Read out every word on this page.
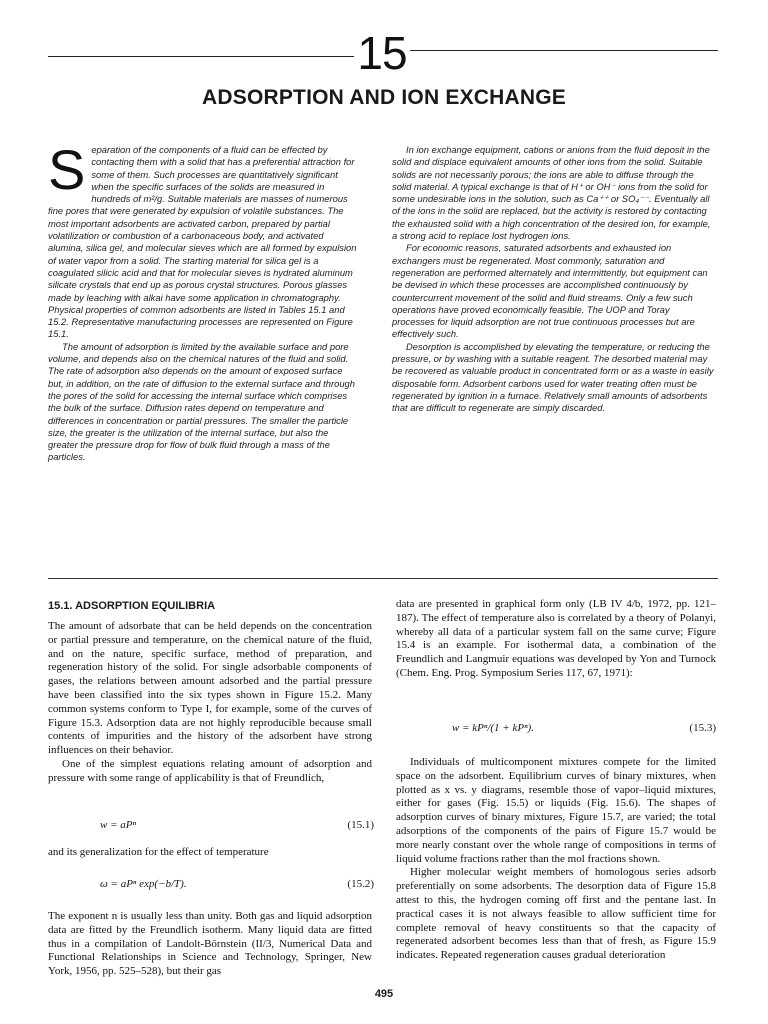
15
ADSORPTION AND ION EXCHANGE

Separation of the components of a fluid can be effected by contacting them with a solid that has a preferential attraction for some of them. Such processes are quantitatively significant when the specific surfaces of the solids are measured in hundreds of m²/g. Suitable materials are masses of numerous fine pores that were generated by expulsion of volatile substances. The most important adsorbents are activated carbon, prepared by partial volatilization or combustion of a carbonaceous body, and activated alumina, silica gel, and molecular sieves which are all formed by expulsion of water vapor from a solid. The starting material for silica gel is a coagulated silicic acid and that for molecular sieves is hydrated aluminum silicate crystals that end up as porous crystal structures. Porous glasses made by leaching with alkai have some application in chromatography. Physical properties of common adsorbents are listed in Tables 15.1 and 15.2. Representative manufacturing processes are represented on Figure 15.1.

The amount of adsorption is limited by the available surface and pore volume, and depends also on the chemical natures of the fluid and solid. The rate of adsorption also depends on the amount of exposed surface but, in addition, on the rate of diffusion to the external surface and through the pores of the solid for accessing the internal surface which comprises the bulk of the surface. Diffusion rates depend on temperature and differences in concentration or partial pressures. The smaller the particle size, the greater is the utilization of the internal surface, but also the greater the pressure drop for flow of bulk fluid through a mass of the particles.

In ion exchange equipment, cations or anions from the fluid deposit in the solid and displace equivalent amounts of other ions from the solid. Suitable solids are not necessarily porous; the ions are able to diffuse through the solid material. A typical exchange is that of H⁺ or OH⁻ ions from the solid for some undesirable ions in the solution, such as Ca⁺⁺ or SO₄⁻⁻. Eventually all of the ions in the solid are replaced, but the activity is restored by contacting the exhausted solid with a high concentration of the desired ion, for example, a strong acid to replace lost hydrogen ions.

For economic reasons, saturated adsorbents and exhausted ion exchangers must be regenerated. Most commonly, saturation and regeneration are performed alternately and intermittently, but equipment can be devised in which these processes are accomplished continuously by countercurrent movement of the solid and fluid streams. Only a few such operations have proved economically feasible. The UOP and Toray processes for liquid adsorption are not true continuous processes but are effectively such.

Desorption is accomplished by elevating the temperature, or reducing the pressure, or by washing with a suitable reagent. The desorbed material may be recovered as valuable product in concentrated form or as a waste in easily disposable form. Adsorbent carbons used for water treating often must be regenerated by ignition in a furnace. Relatively small amounts of adsorbents that are difficult to regenerate are simply discarded.

15.1. ADSORPTION EQUILIBRIA

The amount of adsorbate that can be held depends on the concentration or partial pressure and temperature, on the chemical nature of the fluid, and on the nature, specific surface, method of preparation, and regeneration history of the solid. For single adsorbable components of gases, the relations between amount adsorbed and the partial pressure have been classified into the six types shown in Figure 15.2. Many common systems conform to Type I, for example, some of the curves of Figure 15.3. Adsorption data are not highly reproducible because small contents of impurities and the history of the adsorbent have strong influences on their behavior.

One of the simplest equations relating amount of adsorption and pressure with some range of applicability is that of Freundlich,

w = aPⁿ	(15.1)
and its generalization for the effect of temperature
ω = aPⁿ exp(−b/T).	(15.2)
The exponent n is usually less than unity. Both gas and liquid adsorption data are fitted by the Freundlich isotherm. Many liquid data are fitted thus in a compilation of Landolt-Börnstein (II/3, Numerical Data and Functional Relationships in Science and Technology, Springer, New York, 1956, pp. 525–528), but their gas
data are presented in graphical form only (LB IV 4/b, 1972, pp. 121–187). The effect of temperature also is correlated by a theory of Polanyi, whereby all data of a particular system fall on the same curve; Figure 15.4 is an example. For isothermal data, a combination of the Freundlich and Langmuir equations was developed by Yon and Turnock (Chem. Eng. Prog. Symposium Series 117, 67, 1971):
w = kPⁿ/(1 + kPⁿ).	(15.3)

Individuals of multicomponent mixtures compete for the limited space on the adsorbent. Equilibrium curves of binary mixtures, when plotted as x vs. y diagrams, resemble those of vapor–liquid mixtures, either for gases (Fig. 15.5) or liquids (Fig. 15.6). The shapes of adsorption curves of binary mixtures, Figure 15.7, are varied; the total adsorptions of the components of the pairs of Figure 15.7 would be more nearly constant over the whole range of compositions in terms of liquid volume fractions rather than the mol fractions shown.

Higher molecular weight members of homologous series adsorb preferentially on some adsorbents. The desorption data of Figure 15.8 attest to this, the hydrogen coming off first and the pentane last. In practical cases it is not always feasible to allow sufficient time for complete removal of heavy constituents so that the capacity of regenerated adsorbent becomes less than that of fresh, as Figure 15.9 indicates. Repeated regeneration causes gradual deterioration

495
